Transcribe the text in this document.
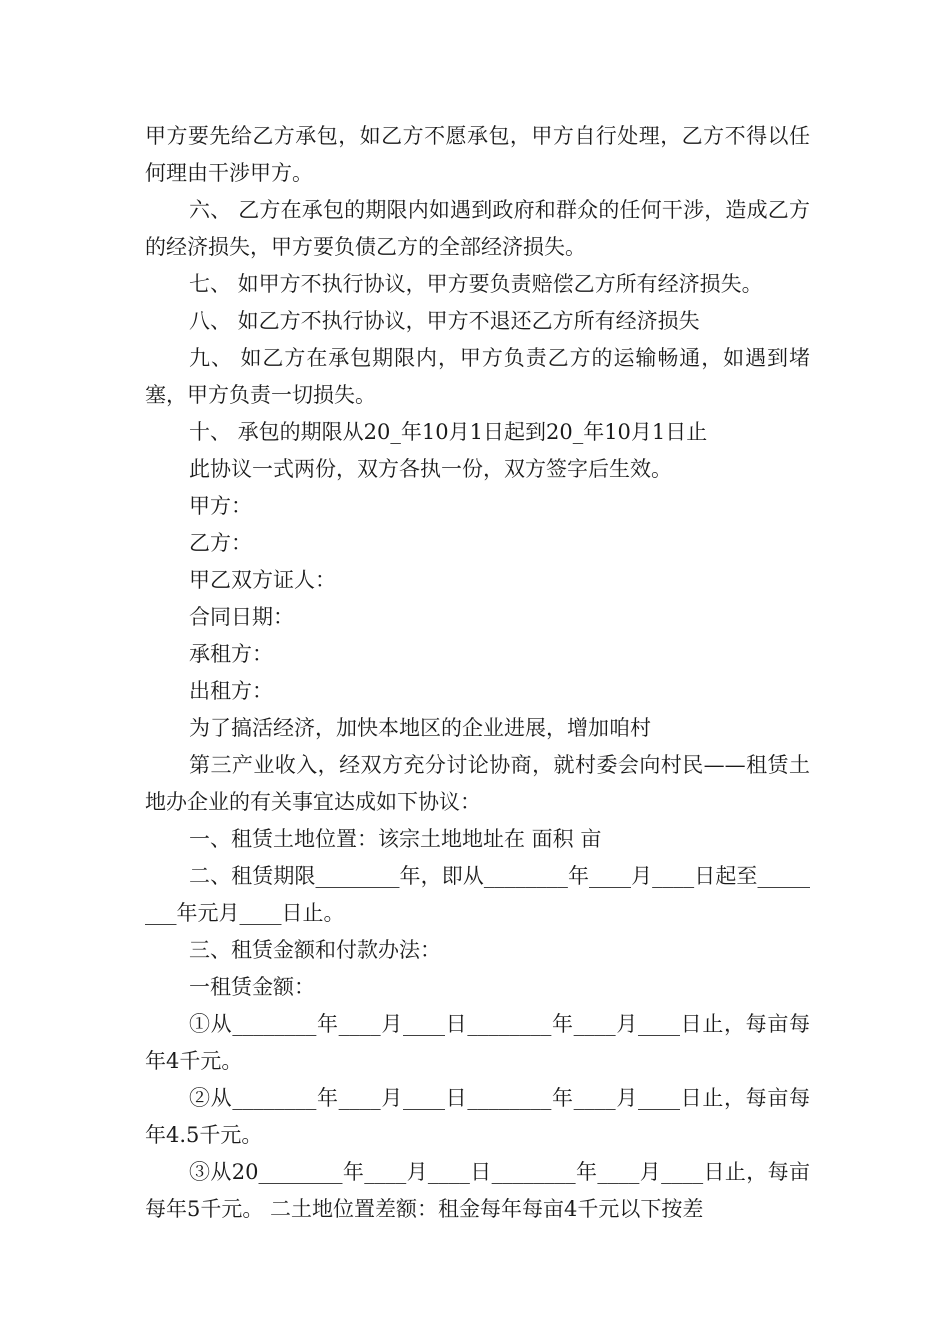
甲方要先给乙方承包，如乙方不愿承包，甲方自行处理，乙方不得以任何理由干涉甲方。

六、 乙方在承包的期限内如遇到政府和群众的任何干涉，造成乙方的经济损失，甲方要负债乙方的全部经济损失。

七、 如甲方不执行协议，甲方要负责赔偿乙方所有经济损失。

八、 如乙方不执行协议，甲方不退还乙方所有经济损失

九、 如乙方在承包期限内，甲方负责乙方的运输畅通，如遇到堵塞，甲方负责一切损失。

十、 承包的期限从20_年10月1日起到20_年10月1日止

此协议一式两份，双方各执一份，双方签字后生效。

甲方：

乙方：

甲乙双方证人：

合同日期：

承租方：

出租方：

为了搞活经济，加快本地区的企业进展，增加咱村

第三产业收入，经双方充分讨论协商，就村委会向村民——租赁土地办企业的有关事宜达成如下协议：

一、租赁土地位置：该宗土地地址在 面积 亩

二、租赁期限________年，即从________年____月____日起至________年元月____日止。

三、租赁金额和付款办法：

一租赁金额：

①从________年____月____日________年____月____日止，每亩每年4千元。

②从________年____月____日________年____月____日止，每亩每年4.5千元。

③从20________年____月____日________年____月____日止，每亩每年5千元。 二土地位置差额：租金每年每亩4千元以下按差
